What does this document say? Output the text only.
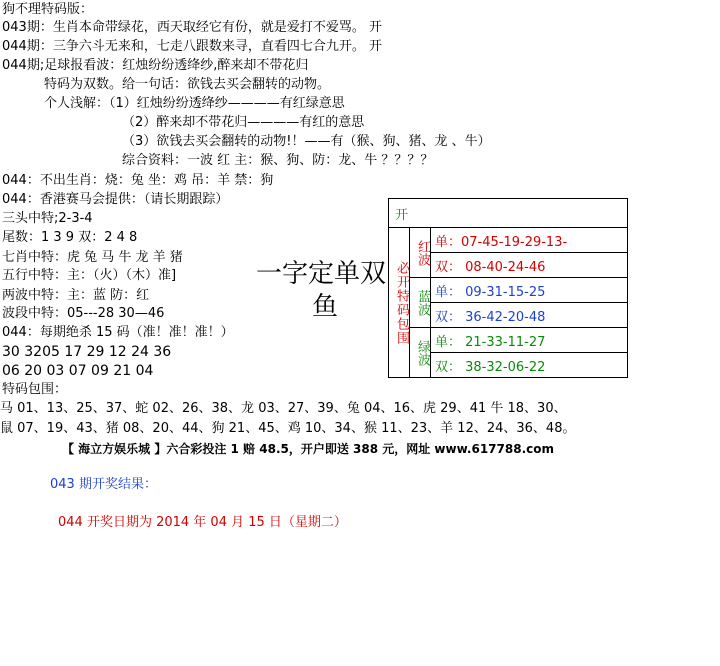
狗不理特码版：
043期：生肖本命带绿花，西天取经它有份，就是爱打不爱骂。 开
044期：三争六斗无来和，七走八跟数来寻，直看四七合九开。 开
044期;足球报看波：红烛纷纷透绛纱,醉来却不带花归
特码为双数。给一句话：欲钱去买会翻转的动物。
个人浅解：（1）红烛纷纷透绛纱————有红绿意思
（2）醉来却不带花归————有红的意思
（3）欲钱去买会翻转的动物!！——有（猴、狗、猪、龙 、牛）
综合资料：一波 红 主：猴、狗、防：龙、牛 ？？？？
044：不出生肖：烧：兔 坐：鸡 吊：羊 禁：狗
044：香港赛马会提供：（请长期跟踪）
三头中特;2-3-4
尾数：1 3 9 双：2 4 8
七肖中特：虎 兔 马 牛 龙 羊 猪
五行中特：主：（火）（木）准]
两波中特：主：蓝 防：红
波段中特：05---28 30—46
044：每期绝杀 15 码（准！准！准！）
30 3205 17 29 12 24 36
06 20 03 07 09 21 04
特码包围：
马 01、13、25、37、蛇 02、26、38、龙 03、27、39、兔 04、16、虎 29、41 牛 18、30、
鼠 07、19、43、猪 08、20、44、狗 21、45、鸡 10、34、猴 11、23、羊 12、24、36、48。
【 海立方娱乐城 】六合彩投注 1 赔 48.5，开户即送 388 元，网址 www.617788.com
043 期开奖结果：
044 开奖日期为 2014 年 04 月 15 日（星期二）
一字定单双
鱼
开		
必开特码包围	红波	单：07-45-19-29-13-
		双： 08-40-24-46
	蓝波	单： 09-31-15-25
		双： 36-42-20-48
	绿波	单： 21-33-11-27
		双： 38-32-06-22
